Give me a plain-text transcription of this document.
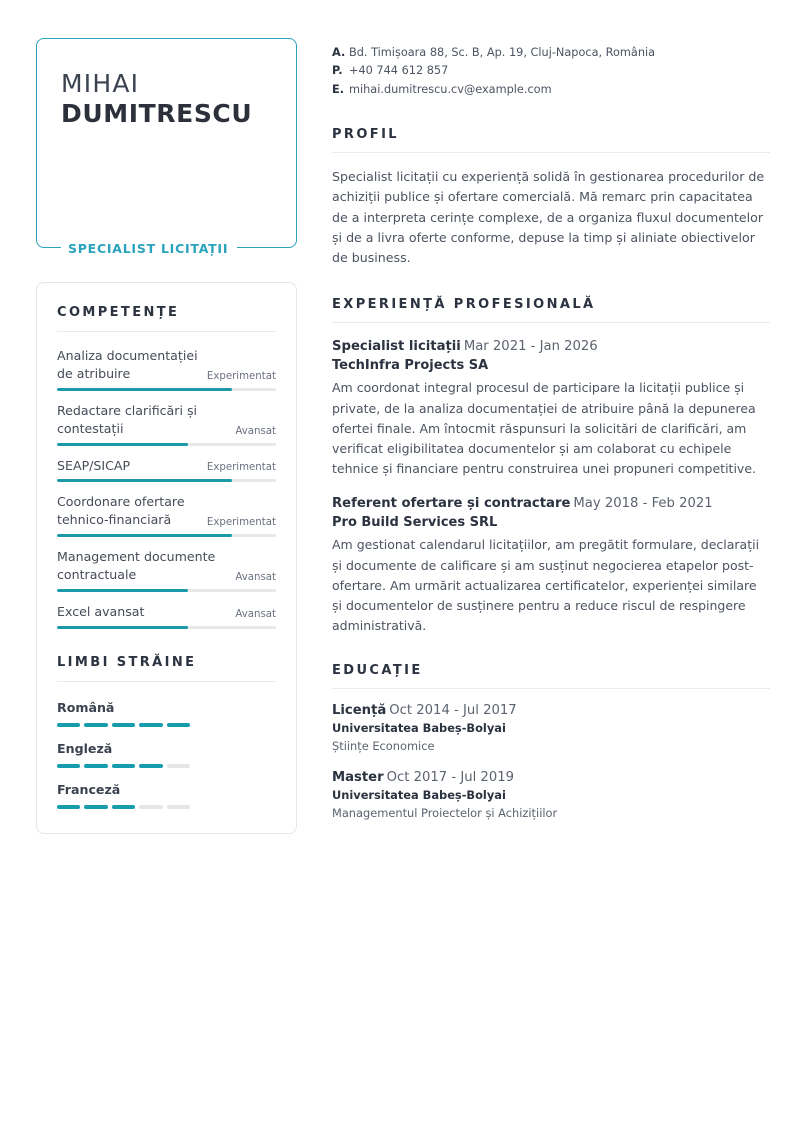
MIHAI
DUMITRESCU
SPECIALIST LICITAȚII
COMPETENȚE
Analiza documentației de atribuire	Experimentat
Redactare clarificări și contestații	Avansat
SEAP/SICAP	Experimentat
Coordonare ofertare tehnico-financiară	Experimentat
Management documente contractuale	Avansat
Excel avansat	Avansat
LIMBI STRĂINE
Română
Engleză
Franceză
A. Bd. Timișoara 88, Sc. B, Ap. 19, Cluj-Napoca, România
P. +40 744 612 857
E. mihai.dumitrescu.cv@example.com
PROFIL
Specialist licitații cu experiență solidă în gestionarea procedurilor de achiziții publice și ofertare comercială. Mă remarc prin capacitatea de a interpreta cerințe complexe, de a organiza fluxul documentelor și de a livra oferte conforme, depuse la timp și aliniate obiectivelor de business.
EXPERIENȚĂ PROFESIONALĂ
Specialist licitații Mar 2021 - Jan 2026
TechInfra Projects SA
Am coordonat integral procesul de participare la licitații publice și private, de la analiza documentației de atribuire până la depunerea ofertei finale. Am întocmit răspunsuri la solicitări de clarificări, am verificat eligibilitatea documentelor și am colaborat cu echipele tehnice și financiare pentru construirea unei propuneri competitive.
Referent ofertare și contractare May 2018 - Feb 2021
Pro Build Services SRL
Am gestionat calendarul licitațiilor, am pregătit formulare, declarații și documente de calificare și am susținut negocierea etapelor post-ofertare. Am urmărit actualizarea certificatelor, experienței similare și documentelor de susținere pentru a reduce riscul de respingere administrativă.
EDUCAȚIE
Licență Oct 2014 - Jul 2017
Universitatea Babeș-Bolyai
Științe Economice
Master Oct 2017 - Jul 2019
Universitatea Babeș-Bolyai
Managementul Proiectelor și Achizițiilor
